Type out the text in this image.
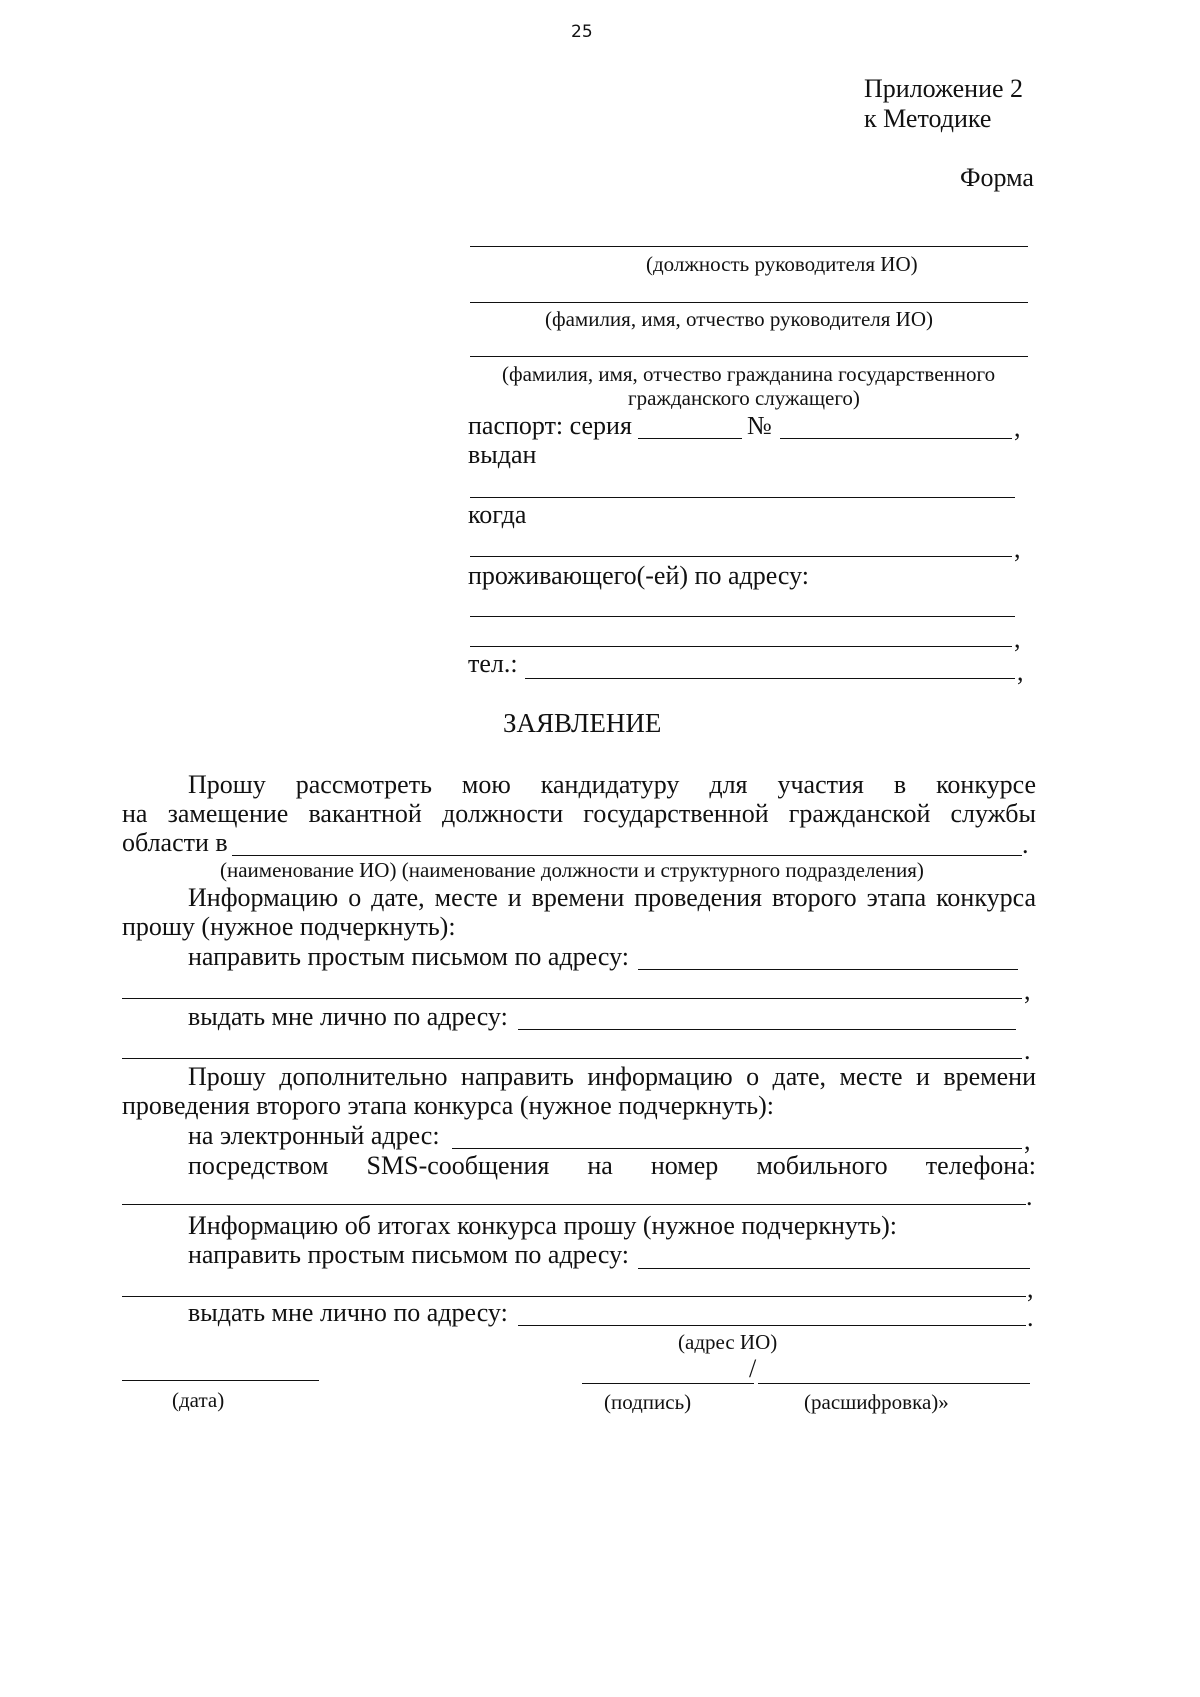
25
Приложение 2
к Методике
Форма
(должность руководителя ИО)
(фамилия, имя, отчество руководителя ИО)
(фамилия, имя, отчество гражданина государственного
гражданского служащего)
паспорт: серия	№	,
выдан
когда
,
проживающего(-ей) по адресу:
,
тел.:	,
ЗАЯВЛЕНИЕ
Прошу рассмотреть мою кандидатуру для участия в конкурсе
на замещение вакантной должности государственной гражданской службы
области в	.
(наименование ИО) (наименование должности и структурного подразделения)
Информацию о дате, месте и времени проведения второго этапа конкурса
прошу (нужное подчеркнуть):
направить простым письмом по адресу:
,
выдать мне лично по адресу:
.
Прошу дополнительно направить информацию о дате, месте и времени
проведения второго этапа конкурса (нужное подчеркнуть):
на электронный адрес:	,
посредством SMS-сообщения на номер мобильного телефона:
.
Информацию об итогах конкурса прошу (нужное подчеркнуть):
направить простым письмом по адресу:
,
выдать мне лично по адресу:	.
(адрес ИО)
/
(дата)	(подпись)	(расшифровка)»
